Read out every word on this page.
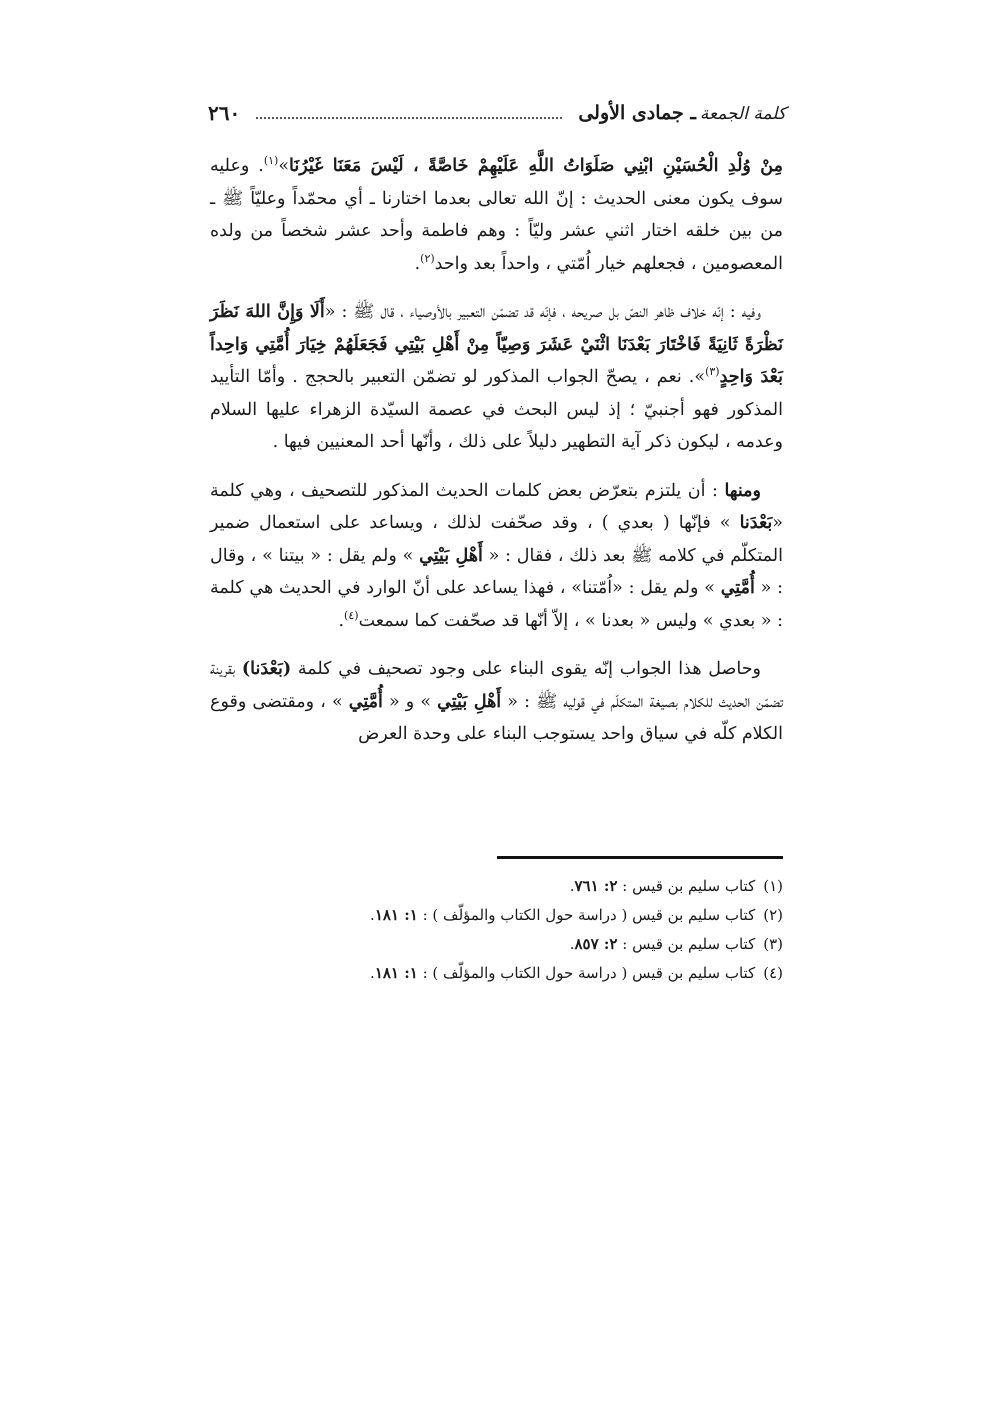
كلمة الجمعةـ جمادى الأولى
٢٦٠

مِنْ وُلْدِ الْحُسَيْنِ ابْنِي صَلَوَاتُ اللَّهِ عَلَيْهِمْ خَاصَّةً ، لَيْسَ مَعَنَا غَيْرُنَا»$^{(١)}$. وعليه سوف يكون معنى الحديث : إنّ الله تعالى بعدما اختارنا ـ أي محمّداً وعليّاً ﷺ ـ من بين خلقه اختار اثني عشر وليّاً : وهم فاطمة وأحد عشر شخصاً من ولده المعصومين ، فجعلهم خيار اُمّتي ، واحداً بعد واحد$^{(٢)}$.

وفيه : إنّه خلاف ظاهر النصّ بل صريحه ، فإنّه قد تضمّن التعبير بالأوصياء ، قال ﷺ : «أَلَا وَإِنَّ اللهَ نَظَرَ نَظْرَةً ثَانِيَةً فَاخْتَارَ بَعْدَنَا اثْنَيْ عَشَرَ وَصِيّاً مِنْ أَهْلِ بَيْتِي فَجَعَلَهُمْ خِيَارَ أُمَّتِي وَاحِداً بَعْدَ وَاحِدٍ$^{(٣)}$». نعم ، يصحّ الجواب المذكور لو تضمّن التعبير بالحجج . وأمّا التأييد المذكور فهو أجنبيّ ؛ إذ ليس البحث في عصمة السيّدة الزهراء عليها السلام وعدمه ، ليكون ذكر آية التطهير دليلاً على ذلك ، وأنّها أحد المعنيين فيها .

ومنها : أن يلتزم بتعرّض بعض كلمات الحديث المذكور للتصحيف ، وهي كلمة «بَعْدَنا » فإنّها ( بعدي ) ، وقد صحّفت لذلك ، ويساعد على استعمال ضمير المتكلّم في كلامه ﷺ بعد ذلك ، فقال : « أَهْلِ بَيْتِي » ولم يقل : « بيتنا » ، وقال : « أُمَّتِي » ولم يقل : «اُمّتنا» ، فهذا يساعد على أنّ الوارد في الحديث هي كلمة : « بعدي » وليس « بعدنا » ، إلاّ أنّها قد صحّفت كما سمعت$^{(٤)}$.

وحاصل هذا الجواب إنّه يقوى البناء على وجود تصحيف في كلمة (بَعْدَنا) بقرينة تضمّن الحديث للكلام بصيغة المتكلّم في قوليه ﷺ : « أَهْلِ بَيْتِي » و « أُمَّتِي » ، ومقتضى وقوع الكلام كلّه في سياق واحد يستوجب البناء على وحدة العرض

(١)كتاب سليم بن قيس : ٢: ٧٦١.
(٢)كتاب سليم بن قيس ( دراسة حول الكتاب والمؤلّف ) : ١: ١٨١.
(٣)كتاب سليم بن قيس : ٢: ٨٥٧.
(٤)كتاب سليم بن قيس ( دراسة حول الكتاب والمؤلّف ) : ١: ١٨١.
